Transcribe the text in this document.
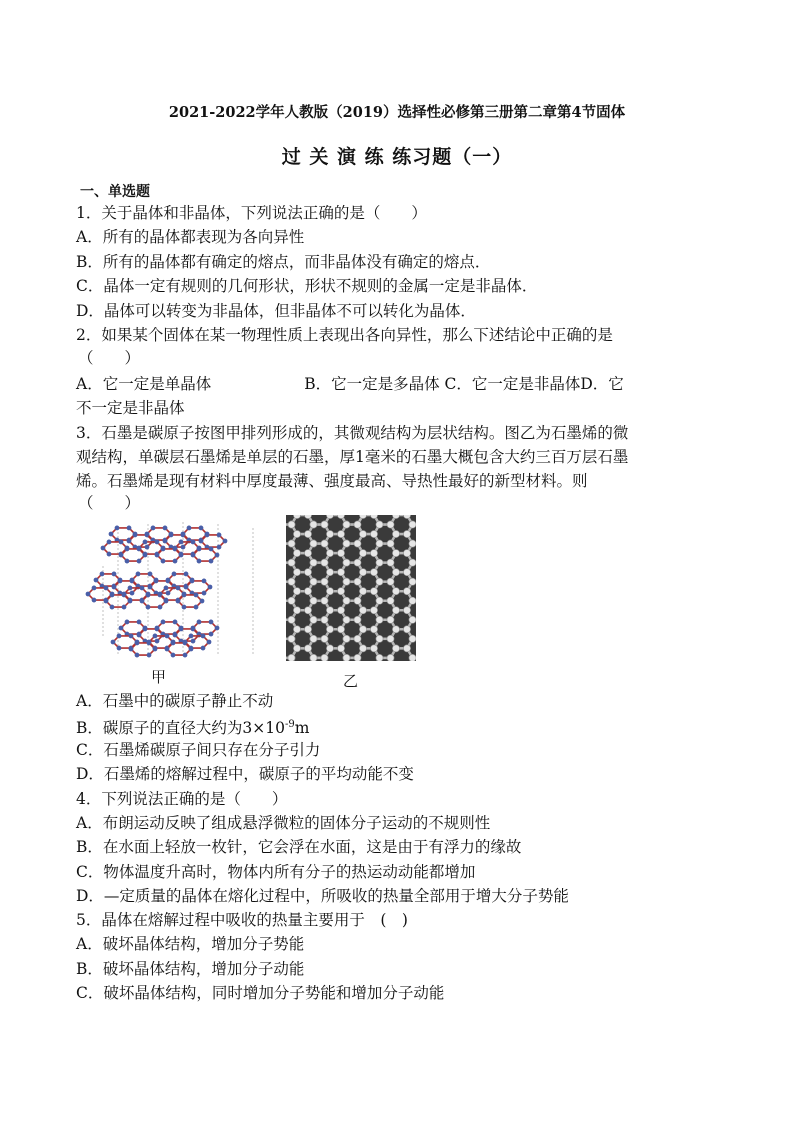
2021-2022学年人教版（2019）选择性必修第三册第二章第4节固体
过 关 演 练 练习题（一）
一、单选题
1．关于晶体和非晶体，下列说法正确的是（　　）
A．所有的晶体都表现为各向异性
B．所有的晶体都有确定的熔点，而非晶体没有确定的熔点．
C．晶体一定有规则的几何形状，形状不规则的金属一定是非晶体．
D．晶体可以转变为非晶体，但非晶体不可以转化为晶体．
2．如果某个固体在某一物理性质上表现出各向异性，那么下述结论中正确的是
（　　）
A．它一定是单晶体　　　　　　B．它一定是多晶体 C．它一定是非晶体D．它
不一定是非晶体
3．石墨是碳原子按图甲排列形成的，其微观结构为层状结构。图乙为石墨烯的微
观结构，单碳层石墨烯是单层的石墨，厚1毫米的石墨大概包含大约三百万层石墨
烯。石墨烯是现有材料中厚度最薄、强度最高、导热性最好的新型材料。则
（　　）
甲	乙
A．石墨中的碳原子静止不动
B．碳原子的直径大约为$3\times 10^{-9}m$
C．石墨烯碳原子间只存在分子引力
D．石墨烯的熔解过程中，碳原子的平均动能不变
4．下列说法正确的是（　　）
A．布朗运动反映了组成悬浮微粒的固体分子运动的不规则性
B．在水面上轻放一枚针，它会浮在水面，这是由于有浮力的缘故
C．物体温度升高时，物体内所有分子的热运动动能都增加
D．—定质量的晶体在熔化过程中，所吸收的热量全部用于增大分子势能
5．晶体在熔解过程中吸收的热量主要用于　(　)
A．破坏晶体结构，增加分子势能
B．破坏晶体结构，增加分子动能
C．破坏晶体结构，同时增加分子势能和增加分子动能
